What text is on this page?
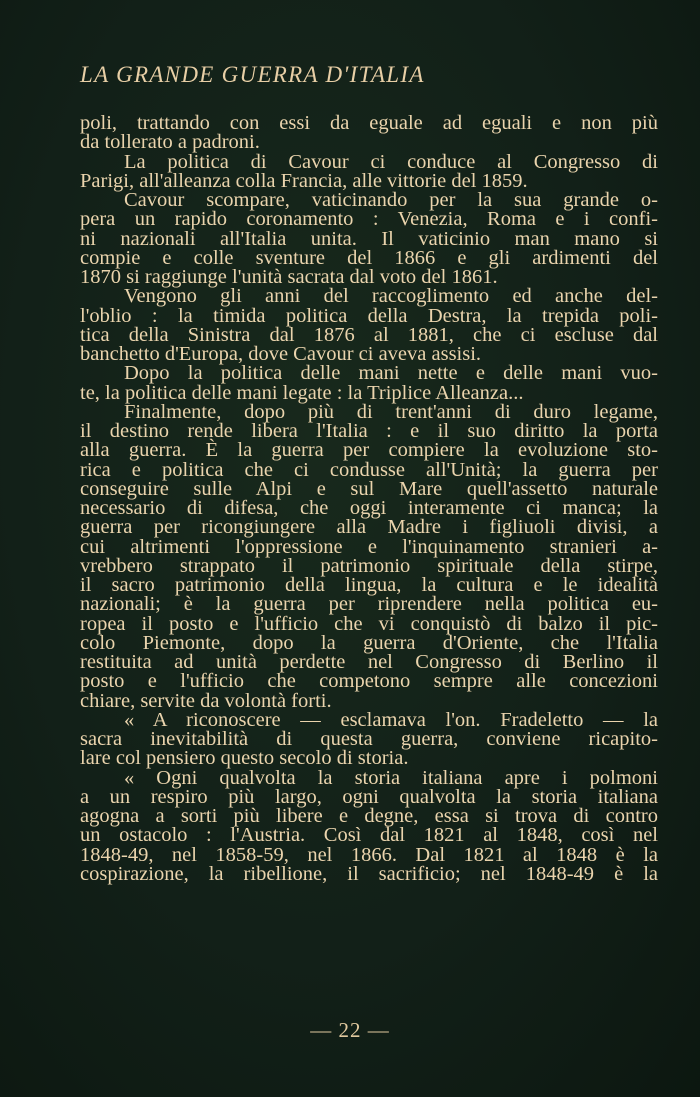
LA GRANDE GUERRA D'ITALIA
poli, trattando con essi da eguale ad eguali e non più
da tollerato a padroni.
La politica di Cavour ci conduce al Congresso di
Parigi, all'alleanza colla Francia, alle vittorie del 1859.
Cavour scompare, vaticinando per la sua grande o-
pera un rapido coronamento : Venezia, Roma e i confi-
ni nazionali all'Italia unita. Il vaticinio man mano si
compie e colle sventure del 1866 e gli ardimenti del
1870 si raggiunge l'unità sacrata dal voto del 1861.
Vengono gli anni del raccoglimento ed anche del-
l'oblio : la timida politica della Destra, la trepida poli-
tica della Sinistra dal 1876 al 1881, che ci escluse dal
banchetto d'Europa, dove Cavour ci aveva assisi.
Dopo la politica delle mani nette e delle mani vuo-
te, la politica delle mani legate : la Triplice Alleanza...
Finalmente, dopo più di trent'anni di duro legame,
il destino rende libera l'Italia : e il suo diritto la porta
alla guerra. È la guerra per compiere la evoluzione sto-
rica e politica che ci condusse all'Unità; la guerra per
conseguire sulle Alpi e sul Mare quell'assetto naturale
necessario di difesa, che oggi interamente ci manca; la
guerra per ricongiungere alla Madre i figliuoli divisi, a
cui altrimenti l'oppressione e l'inquinamento stranieri a-
vrebbero strappato il patrimonio spirituale della stirpe,
il sacro patrimonio della lingua, la cultura e le idealità
nazionali; è la guerra per riprendere nella politica eu-
ropea il posto e l'ufficio che vi conquistò di balzo il pic-
colo Piemonte, dopo la guerra d'Oriente, che l'Italia
restituita ad unità perdette nel Congresso di Berlino il
posto e l'ufficio che competono sempre alle concezioni
chiare, servite da volontà forti.
« A riconoscere — esclamava l'on. Fradeletto — la
sacra inevitabilità di questa guerra, conviene ricapito-
lare col pensiero questo secolo di storia.
« Ogni qualvolta la storia italiana apre i polmoni
a un respiro più largo, ogni qualvolta la storia italiana
agogna a sorti più libere e degne, essa si trova di contro
un ostacolo : l'Austria. Così dal 1821 al 1848, così nel
1848-49, nel 1858-59, nel 1866. Dal 1821 al 1848 è la
cospirazione, la ribellione, il sacrificio; nel 1848-49 è la
— 22 —
